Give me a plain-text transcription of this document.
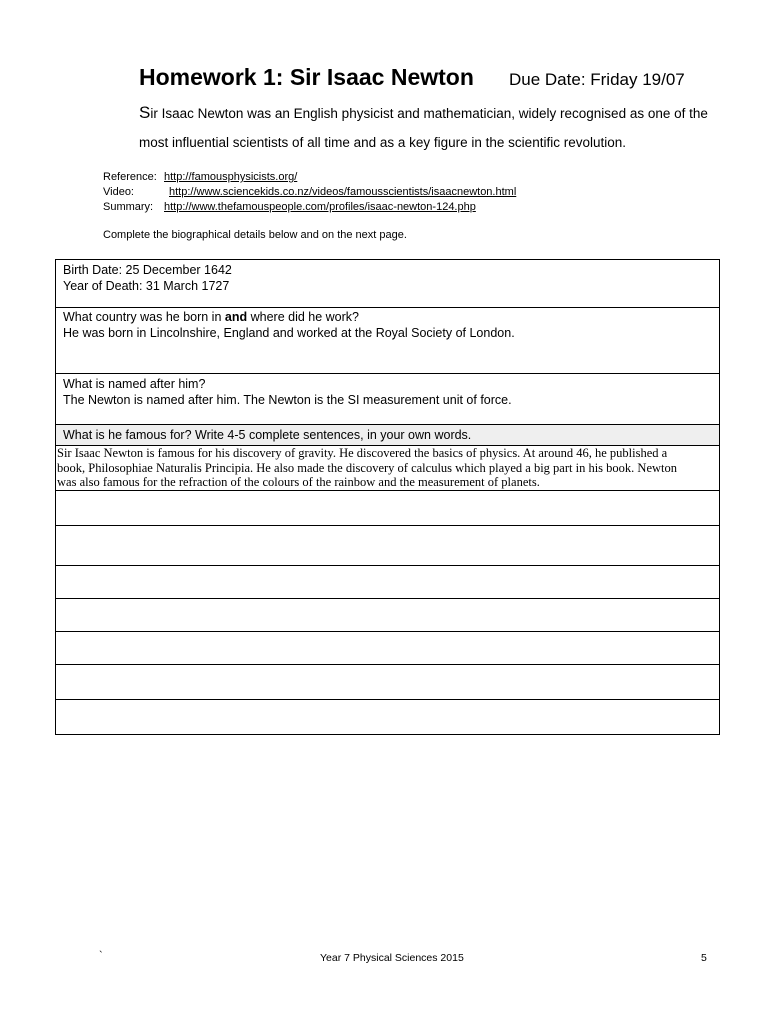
Homework 1: Sir Isaac Newton Due Date: Friday 19/07
Sir Isaac Newton was an English physicist and mathematician, widely recognised as one of the most influential scientists of all time and as a key figure in the scientific revolution.
Reference: http://famousphysicists.org/
Video:	http://www.sciencekids.co.nz/videos/famousscientists/isaacnewton.html
Summary: http://www.thefamouspeople.com/profiles/isaac-newton-124.php
Complete the biographical details below and on the next page.
Birth Date: 25 December 1642
Year of Death: 31 March 1727
What country was he born in and where did he work?
He was born in Lincolnshire, England and worked at the Royal Society of London.
What is named after him?
The Newton is named after him. The Newton is the SI measurement unit of force.
What is he famous for? Write 4-5 complete sentences, in your own words.
Sir Isaac Newton is famous for his discovery of gravity. He discovered the basics of physics. At around 46, he published a
book, Philosophiae Naturalis Principia. He also made the discovery of calculus which played a big part in his book. Newton
was also famous for the refraction of the colours of the rainbow and the measurement of planets.
`	Year 7 Physical Sciences 2015	5
